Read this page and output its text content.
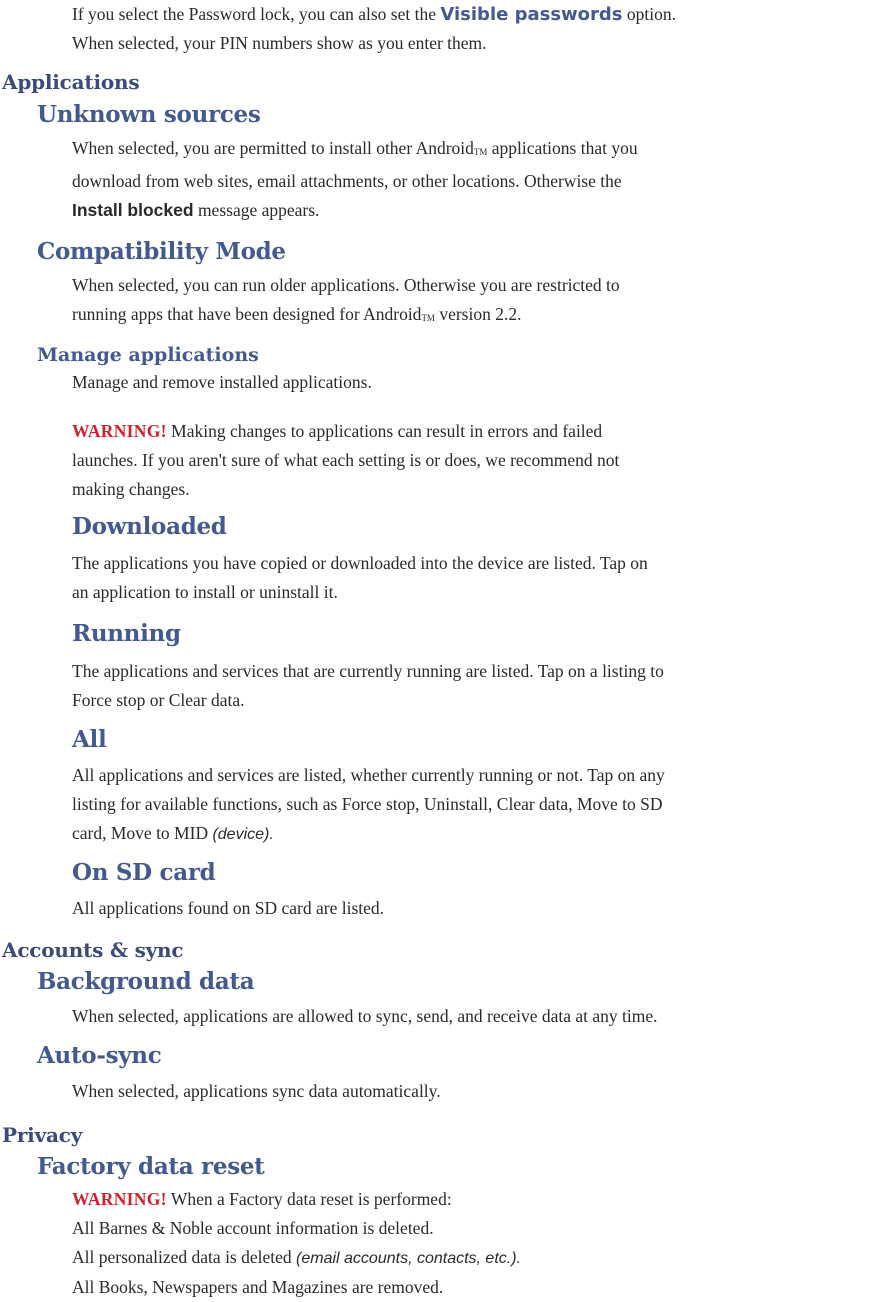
If you select the Password lock, you can also set the Visible passwords option.

When selected, your PIN numbers show as you enter them.

Applications
Unknown sources

When selected, you are permitted to install other AndroidTM applications that you

download from web sites, email attachments, or other locations. Otherwise the

Install blocked message appears.

Compatibility Mode

When selected, you can run older applications. Otherwise you are restricted to

running apps that have been designed for AndroidTM version 2.2.

Manage applications
Manage and remove installed applications.

WARNING! Making changes to applications can result in errors and failed

launches. If you aren't sure of what each setting is or does, we recommend not

making changes.

Downloaded

The applications you have copied or downloaded into the device are listed. Tap on

an application to install or uninstall it.

Running

The applications and services that are currently running are listed. Tap on a listing to

Force stop or Clear data.

All

All applications and services are listed, whether currently running or not. Tap on any

listing for available functions, such as Force stop, Uninstall, Clear data, Move to SD

card, Move to MID (device).

On SD card
All applications found on SD card are listed.
Accounts & sync
Background data
When selected, applications are allowed to sync, send, and receive data at any time.
Auto-sync
When selected, applications sync data automatically.
Privacy
Factory data reset

WARNING! When a Factory data reset is performed:

All Barnes & Noble account information is deleted.

All personalized data is deleted (email accounts, contacts, etc.).

All Books, Newspapers and Magazines are removed.
